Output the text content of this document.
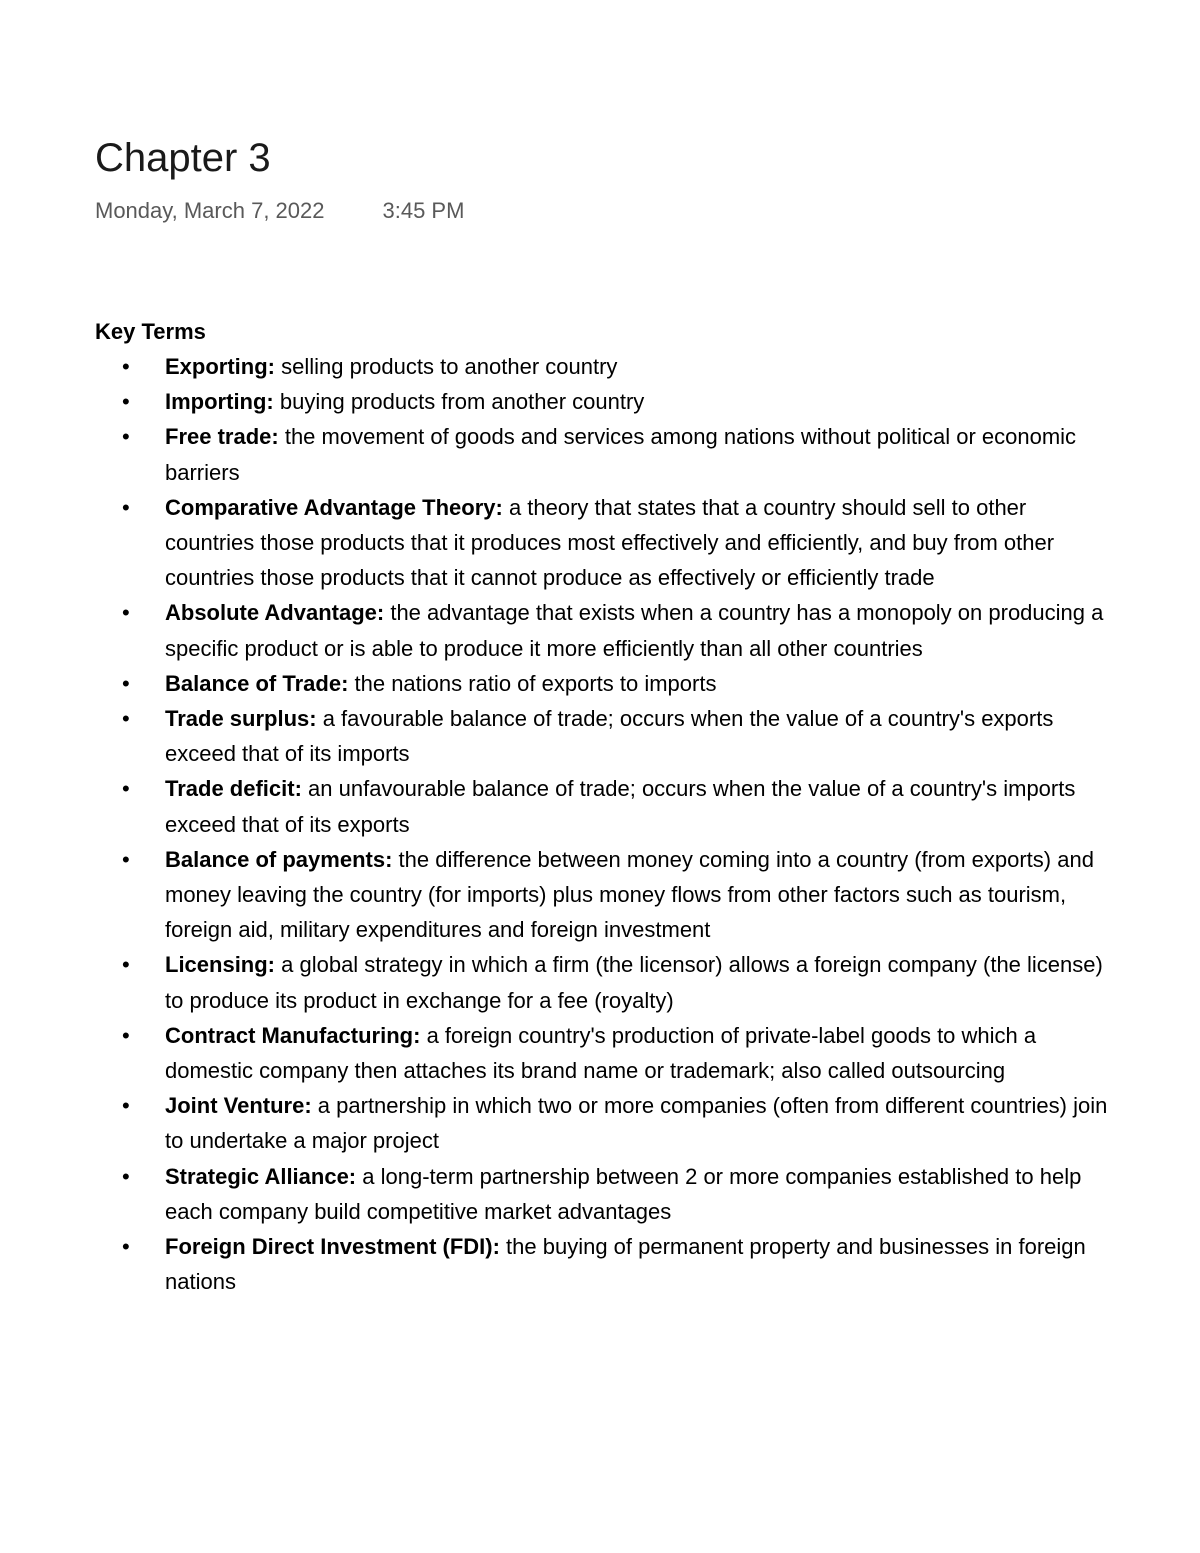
Chapter 3
Monday, March 7, 2022	3:45 PM
Key Terms
• Exporting: selling products to another country
• Importing: buying products from another country
• Free trade: the movement of goods and services among nations without political or economic barriers
• Comparative Advantage Theory: a theory that states that a country should sell to other countries those products that it produces most effectively and efficiently, and buy from other countries those products that it cannot produce as effectively or efficiently trade
• Absolute Advantage: the advantage that exists when a country has a monopoly on producing a specific product or is able to produce it more efficiently than all other countries
• Balance of Trade: the nations ratio of exports to imports
• Trade surplus: a favourable balance of trade; occurs when the value of a country's exports exceed that of its imports
• Trade deficit: an unfavourable balance of trade; occurs when the value of a country's imports exceed that of its exports
• Balance of payments: the difference between money coming into a country (from exports) and money leaving the country (for imports) plus money flows from other factors such as tourism, foreign aid, military expenditures and foreign investment
• Licensing: a global strategy in which a firm (the licensor) allows a foreign company (the license) to produce its product in exchange for a fee (royalty)
• Contract Manufacturing: a foreign country's production of private-label goods to which a domestic company then attaches its brand name or trademark; also called outsourcing
• Joint Venture: a partnership in which two or more companies (often from different countries) join to undertake a major project
• Strategic Alliance: a long-term partnership between 2 or more companies established to help each company build competitive market advantages
• Foreign Direct Investment (FDI): the buying of permanent property and businesses in foreign nations
